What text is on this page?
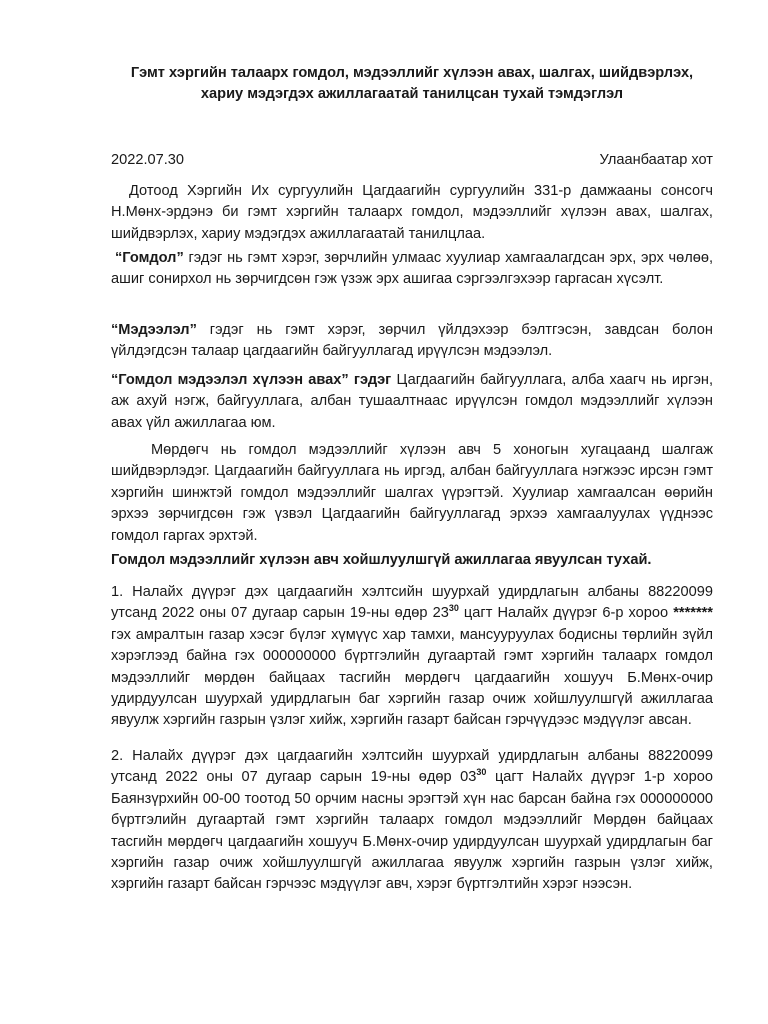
Гэмт хэргийн талаарх гомдол, мэдээллийг хүлээн авах, шалгах, шийдвэрлэх,
хариу мэдэгдэх ажиллагаатай танилцсан тухай тэмдэглэл
2022.07.30	Улаанбаатар хот

Дотоод Хэргийн Их сургуулийн Цагдаагийн сургуулийн 331-р дамжааны сонсогч Н.Мөнх-эрдэнэ би гэмт хэргийн талаарх гомдол, мэдээллийг хүлээн авах, шалгах, шийдвэрлэх, хариу мэдэгдэх ажиллагаатай танилцлаа.

“Гомдол” гэдэг нь гэмт хэрэг, зөрчлийн улмаас хуулиар хамгаалагдсан эрх, эрх чөлөө, ашиг сонирхол нь зөрчигдсөн гэж үзэж эрх ашигаа сэргээлгэхээр гаргасан хүсэлт.

“Мэдээлэл” гэдэг нь гэмт хэрэг, зөрчил үйлдэхээр бэлтгэсэн, завдсан болон үйлдэгдсэн талаар цагдаагийн байгууллагад ирүүлсэн мэдээлэл.

“Гомдол мэдээлэл хүлээн авах” гэдэг Цагдаагийн байгууллага, алба хаагч нь иргэн, аж ахуй нэгж, байгууллага, албан тушаалтнаас ирүүлсэн гомдол мэдээллийг хүлээн авах үйл ажиллагаа юм.

Мөрдөгч нь гомдол мэдээллийг хүлээн авч 5 хоногын хугацаанд шалгаж шийдвэрлэдэг. Цагдаагийн байгууллага нь иргэд, албан байгууллага нэгжээс ирсэн гэмт хэргийн шинжтэй гомдол мэдээллийг шалгах үүрэгтэй. Хуулиар хамгаалсан өөрийн эрхээ зөрчигдсөн гэж үзвэл Цагдаагийн байгууллагад эрхээ хамгаалуулах үүднээс гомдол гаргах эрхтэй.

Гомдол мэдээллийг хүлээн авч хойшлуулшгүй ажиллагаа явуулсан тухай.

1. Налайх дүүрэг дэх цагдаагийн хэлтсийн шуурхай удирдлагын албаны 88220099 утсанд 2022 оны 07 дугаар сарын 19-ны өдөр $23^{30}$ цагт Налайх дүүрэг 6-р хороо ******* гэх амралтын газар хэсэг бүлэг хүмүүс хар тамхи, мансууруулах бодисны төрлийн зүйл хэрэглээд байна гэх 000000000 бүртгэлийн дугаартай гэмт хэргийн талаарх гомдол мэдээллийг мөрдөн байцаах тасгийн мөрдөгч цагдаагийн хошууч Б.Мөнх-очир удирдуулсан шуурхай удирдлагын баг хэргийн газар очиж хойшлуулшгүй ажиллагаа явуулж хэргийн газрын үзлэг хийж, хэргийн газарт байсан гэрчүүдээс мэдүүлэг авсан.

2. Налайх дүүрэг дэх цагдаагийн хэлтсийн шуурхай удирдлагын албаны 88220099 утсанд 2022 оны 07 дугаар сарын 19-ны өдөр $03^{30}$ цагт Налайх дүүрэг 1-р хороо Баянзүрхийн 00-00 тоотод 50 орчим насны эрэгтэй хүн нас барсан байна гэх 000000000 бүртгэлийн дугаартай гэмт хэргийн талаарх гомдол мэдээллийг Мөрдөн байцаах тасгийн мөрдөгч цагдаагийн хошууч Б.Мөнх-очир удирдуулсан шуурхай удирдлагын баг хэргийн газар очиж хойшлуулшгүй ажиллагаа явуулж хэргийн газрын үзлэг хийж, хэргийн газарт байсан гэрчээс мэдүүлэг авч, хэрэг бүртгэлтийн хэрэг нээсэн.
